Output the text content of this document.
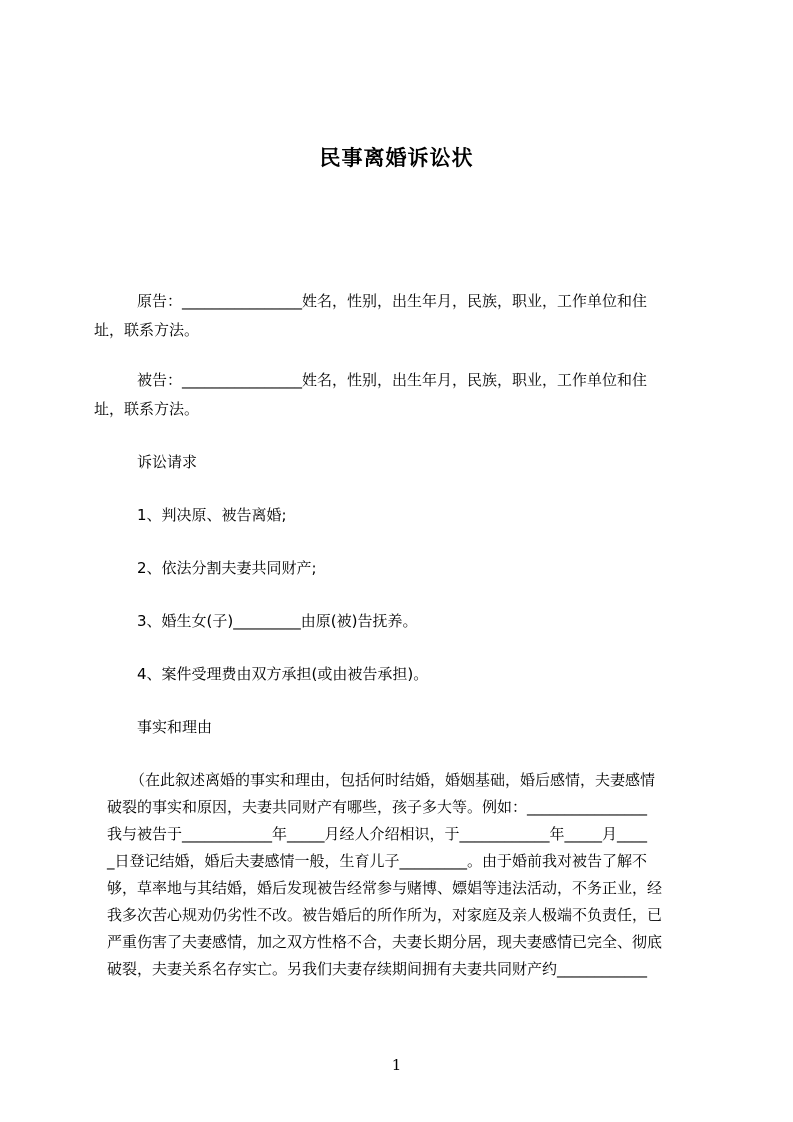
民事离婚诉讼状
原告：________________姓名，性别，出生年月，民族，职业，工作单位和住
址，联系方法。
被告：________________姓名，性别，出生年月，民族，职业，工作单位和住
址，联系方法。
诉讼请求
1、判决原、被告离婚;
2、依法分割夫妻共同财产;
3、婚生女(子)_________由原(被)告抚养。
4、案件受理费由双方承担(或由被告承担)。
事实和理由
（在此叙述离婚的事实和理由，包括何时结婚，婚姻基础，婚后感情，夫妻感情
破裂的事实和原因，夫妻共同财产有哪些，孩子多大等。例如：________________
我与被告于____________年_____月经人介绍相识，于____________年_____月____
_日登记结婚，婚后夫妻感情一般，生育儿子_________。由于婚前我对被告了解不
够，草率地与其结婚，婚后发现被告经常参与赌博、嫖娼等违法活动，不务正业，经
我多次苦心规劝仍劣性不改。被告婚后的所作所为，对家庭及亲人极端不负责任，已
严重伤害了夫妻感情，加之双方性格不合，夫妻长期分居，现夫妻感情已完全、彻底
破裂，夫妻关系名存实亡。另我们夫妻存续期间拥有夫妻共同财产约____________
1
